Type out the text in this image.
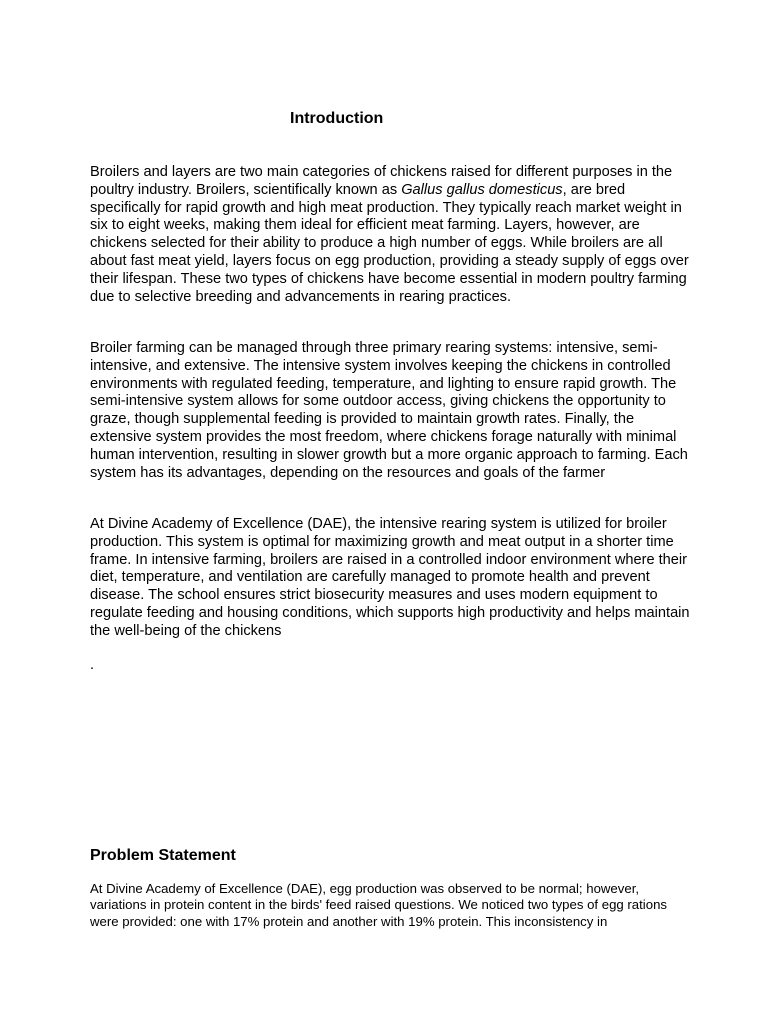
Introduction

Broilers and layers are two main categories of chickens raised for different purposes in the poultry industry. Broilers, scientifically known as Gallus gallus domesticus, are bred specifically for rapid growth and high meat production. They typically reach market weight in six to eight weeks, making them ideal for efficient meat farming. Layers, however, are chickens selected for their ability to produce a high number of eggs. While broilers are all about fast meat yield, layers focus on egg production, providing a steady supply of eggs over their lifespan. These two types of chickens have become essential in modern poultry farming due to selective breeding and advancements in rearing practices.

Broiler farming can be managed through three primary rearing systems: intensive, semi-intensive, and extensive. The intensive system involves keeping the chickens in controlled environments with regulated feeding, temperature, and lighting to ensure rapid growth. The semi-intensive system allows for some outdoor access, giving chickens the opportunity to graze, though supplemental feeding is provided to maintain growth rates. Finally, the extensive system provides the most freedom, where chickens forage naturally with minimal human intervention, resulting in slower growth but a more organic approach to farming. Each system has its advantages, depending on the resources and goals of the farmer

At Divine Academy of Excellence (DAE), the intensive rearing system is utilized for broiler production. This system is optimal for maximizing growth and meat output in a shorter time frame. In intensive farming, broilers are raised in a controlled indoor environment where their diet, temperature, and ventilation are carefully managed to promote health and prevent disease. The school ensures strict biosecurity measures and uses modern equipment to regulate feeding and housing conditions, which supports high productivity and helps maintain the well-being of the chickens

.

Problem Statement

At Divine Academy of Excellence (DAE), egg production was observed to be normal; however, variations in protein content in the birds' feed raised questions. We noticed two types of egg rations were provided: one with 17% protein and another with 19% protein. This inconsistency in
